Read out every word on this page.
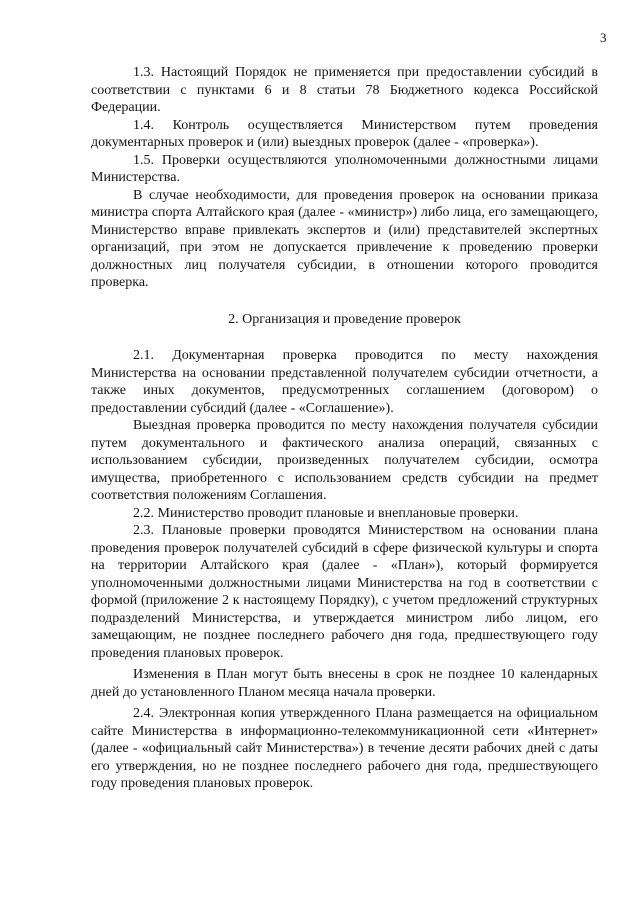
3

1.3. Настоящий Порядок не применяется при предоставлении субсидий в соответствии с пунктами 6 и 8 статьи 78 Бюджетного кодекса Российской Федерации.

1.4. Контроль осуществляется Министерством путем проведения документарных проверок и (или) выездных проверок (далее - «проверка»).

1.5. Проверки осуществляются уполномоченными должностными лицами Министерства.

В случае необходимости, для проведения проверок на основании приказа министра спорта Алтайского края (далее - «министр») либо лица, его замещающего, Министерство вправе привлекать экспертов и (или) представителей экспертных организаций, при этом не допускается привлечение к проведению проверки должностных лиц получателя субсидии, в отношении которого проводится проверка.

2. Организация и проведение проверок

2.1. Документарная проверка проводится по месту нахождения Министерства на основании представленной получателем субсидии отчетности, а также иных документов, предусмотренных соглашением (договором) о предоставлении субсидий (далее - «Соглашение»).

Выездная проверка проводится по месту нахождения получателя субсидии путем документального и фактического анализа операций, связанных с использованием субсидии, произведенных получателем субсидии, осмотра имущества, приобретенного с использованием средств субсидии на предмет соответствия положениям Соглашения.

2.2. Министерство проводит плановые и внеплановые проверки.

2.3. Плановые проверки проводятся Министерством на основании плана проведения проверок получателей субсидий в сфере физической культуры и спорта на территории Алтайского края (далее - «План»), который формируется уполномоченными должностными лицами Министерства на год в соответствии с формой (приложение 2 к настоящему Порядку), с учетом предложений структурных подразделений Министерства, и утверждается министром либо лицом, его замещающим, не позднее последнего рабочего дня года, предшествующего году проведения плановых проверок.

Изменения в План могут быть внесены в срок не позднее 10 календарных дней до установленного Планом месяца начала проверки.

2.4. Электронная копия утвержденного Плана размещается на официальном сайте Министерства в информационно-телекоммуникационной сети «Интернет» (далее - «официальный сайт Министерства») в течение десяти рабочих дней с даты его утверждения, но не позднее последнего рабочего дня года, предшествующего году проведения плановых проверок.
